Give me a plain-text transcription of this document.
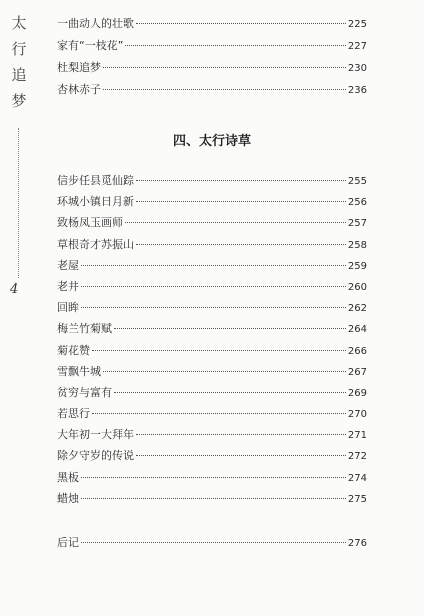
太
行
追
梦
4
一曲动人的壮歌	225
家有“一枝花”	227
杜梨追梦	230
杏林赤子	236
四、太行诗草
信步任县觅仙踪	255
环城小镇日月新	256
致杨凤玉画师	257
草根奇才苏振山	258
老屋	259
老井	260
回眸	262
梅兰竹菊赋	264
菊花赞	266
雪飘牛城	267
贫穷与富有	269
若思行	270
大年初一大拜年	271
除夕守岁的传说	272
黑板	274
蜡烛	275
后记	276
